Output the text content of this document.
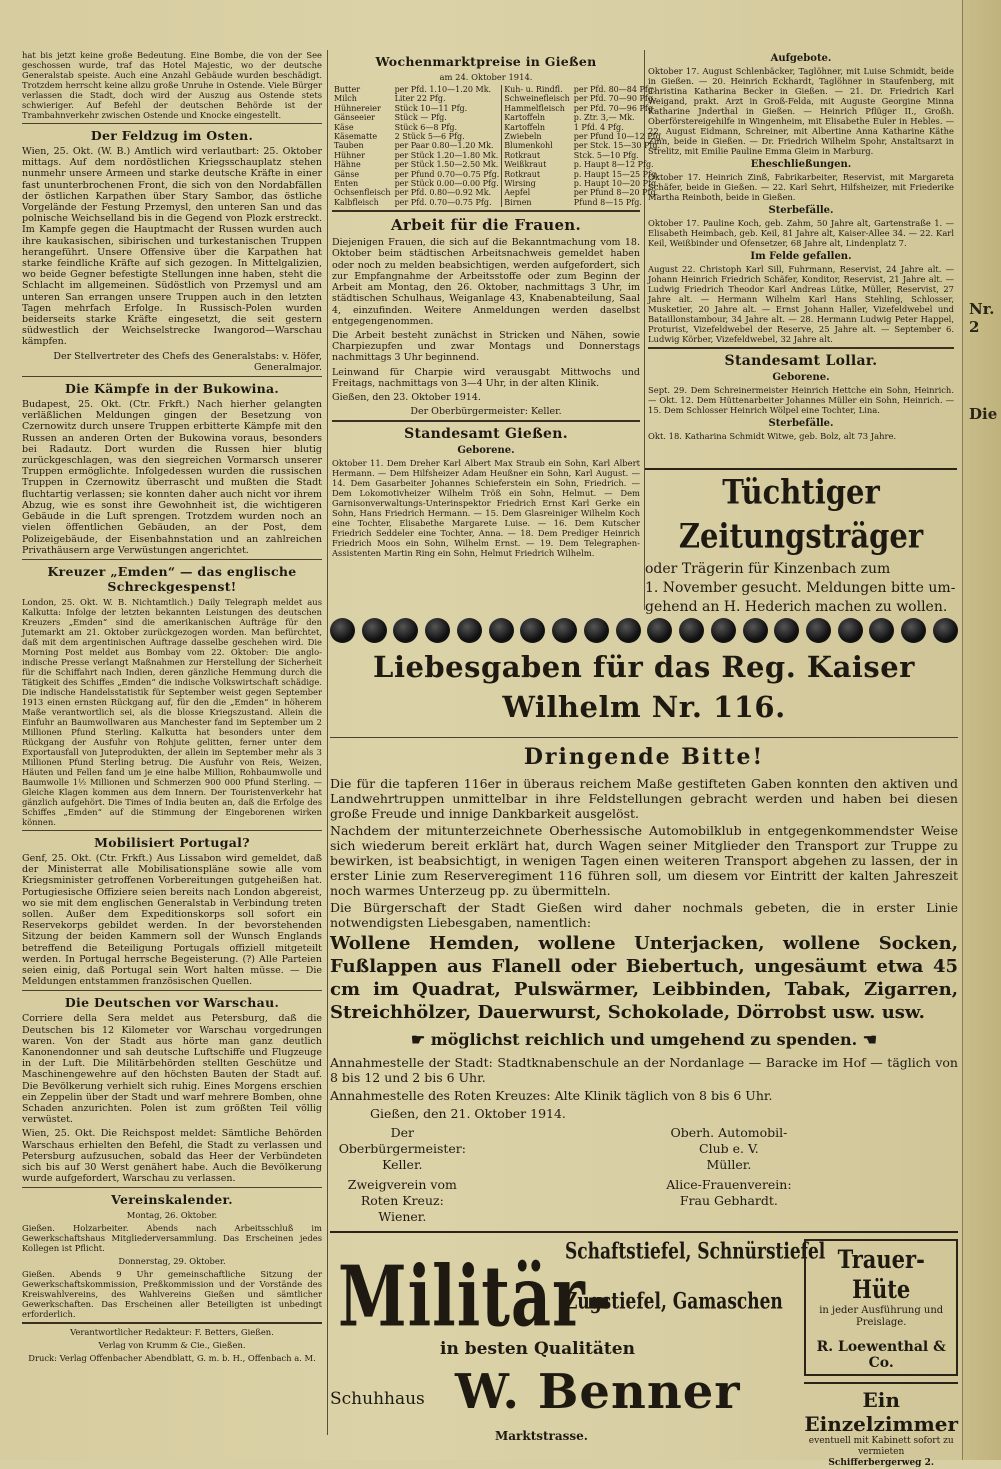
hat bis jetzt keine große Bedeutung. Eine Bombe, die von der See geschossen wurde, traf das Hotel Majestic, wo der deutsche Generalstab speiste. Auch eine Anzahl Gebäude wurden beschädigt. Trotzdem herrscht keine allzu große Unruhe in Ostende. Viele Bürger verlassen die Stadt, doch wird der Auszug aus Ostende stets schwieriger. Auf Befehl der deutschen Behörde ist der Trambahnverkehr zwischen Ostende und Knocke eingestellt.

Der Feldzug im Osten.

Wien, 25. Okt. (W. B.) Amtlich wird verlautbart: 25. Oktober mittags. Auf dem nordöstlichen Kriegsschauplatz stehen nunmehr unsere Armeen und starke deutsche Kräfte in einer fast ununterbrochenen Front, die sich von den Nordabfällen der östlichen Karpathen über Stary Sambor, das östliche Vorgelände der Festung Przemysl, den unteren San und das polnische Weichselland bis in die Gegend von Plozk erstreckt. Im Kampfe gegen die Hauptmacht der Russen wurden auch ihre kaukasischen, sibirischen und turkestanischen Truppen herangeführt. Unsere Offensive über die Karpathen hat starke feindliche Kräfte auf sich gezogen. In Mittelgalizien, wo beide Gegner befestigte Stellungen inne haben, steht die Schlacht im allgemeinen. Südöstlich von Przemysl und am unteren San errangen unsere Truppen auch in den letzten Tagen mehrfach Erfolge. In Russisch-Polen wurden beiderseits starke Kräfte eingesetzt, die seit gestern südwestlich der Weichselstrecke Iwangorod—Warschau kämpfen.

Der Stellvertreter des Chefs des Generalstabs: v. Höfer, Generalmajor.

Die Kämpfe in der Bukowina.

Budapest, 25. Okt. (Ctr. Frkft.) Nach hierher gelangten verläßlichen Meldungen gingen der Besetzung von Czernowitz durch unsere Truppen erbitterte Kämpfe mit den Russen an anderen Orten der Bukowina voraus, besonders bei Radautz. Dort wurden die Russen hier blutig zurückgeschlagen, was den siegreichen Vormarsch unserer Truppen ermöglichte. Infolgedessen wurden die russischen Truppen in Czernowitz überrascht und mußten die Stadt fluchtartig verlassen; sie konnten daher auch nicht vor ihrem Abzug, wie es sonst ihre Gewohnheit ist, die wichtigeren Gebäude in die Luft sprengen. Trotzdem wurden noch an vielen öffentlichen Gebäuden, an der Post, dem Polizeigebäude, der Eisenbahnstation und an zahlreichen Privathäusern arge Verwüstungen angerichtet.

Kreuzer „Emden“ — das englische Schreckgespenst!

London, 25. Okt. W. B. Nichtamtlich.) Daily Telegraph meldet aus Kalkutta: Infolge der letzten bekannten Leistungen des deutschen Kreuzers „Emden“ sind die amerikanischen Aufträge für den Jutemarkt am 21. Oktober zurückgezogen worden. Man befürchtet, daß mit dem argentinischen Auftrage dasselbe geschehen wird. Die Morning Post meldet aus Bombay vom 22. Oktober: Die anglo-indische Presse verlangt Maßnahmen zur Herstellung der Sicherheit für die Schiffahrt nach Indien, deren gänzliche Hemmung durch die Tätigkeit des Schiffes „Emden“ die indische Volkswirtschaft schädige. Die indische Handelsstatistik für September weist gegen September 1913 einen ernsten Rückgang auf, für den die „Emden“ in höherem Maße verantwortlich sei, als die blosse Kriegszustand. Allein die Einfuhr an Baumwollwaren aus Manchester fand im September um 2 Millionen Pfund Sterling. Kalkutta hat besonders unter dem Rückgang der Ausfuhr von Rohjute gelitten, ferner unter dem Exportausfall von Juteprodukten, der allein im September mehr als 3 Millionen Pfund Sterling betrug. Die Ausfuhr von Reis, Weizen, Häuten und Fellen fand um je eine halbe Million, Rohbaumwolle und Baumwolle 1½ Millionen und Schmerzen 900 000 Pfund Sterling. — Gleiche Klagen kommen aus dem Innern. Der Touristenverkehr hat gänzlich aufgehört. Die Times of India beuten an, daß die Erfolge des Schiffes „Emden“ auf die Stimmung der Eingeborenen wirken können.

Mobilisiert Portugal?

Genf, 25. Okt. (Ctr. Frkft.) Aus Lissabon wird gemeldet, daß der Ministerrat alle Mobilisationspläne sowie alle vom Kriegsminister getroffenen Vorbereitungen gutgeheißen hat. Portugiesische Offiziere seien bereits nach London abgereist, wo sie mit dem englischen Generalstab in Verbindung treten sollen. Außer dem Expeditionskorps soll sofort ein Reservekorps gebildet werden. In der bevorstehenden Sitzung der beiden Kammern soll der Wunsch Englands betreffend die Beteiligung Portugals offiziell mitgeteilt werden. In Portugal herrsche Begeisterung. (?) Alle Parteien seien einig, daß Portugal sein Wort halten müsse. — Die Meldungen entstammen französischen Quellen.

Die Deutschen vor Warschau.

Corriere della Sera meldet aus Petersburg, daß die Deutschen bis 12 Kilometer vor Warschau vorgedrungen waren. Von der Stadt aus hörte man ganz deutlich Kanonendonner und sah deutsche Luftschiffe und Flugzeuge in der Luft. Die Militärbehörden stellten Geschütze und Maschinengewehre auf den höchsten Bauten der Stadt auf. Die Bevölkerung verhielt sich ruhig. Eines Morgens erschien ein Zeppelin über der Stadt und warf mehrere Bomben, ohne Schaden anzurichten. Polen ist zum größten Teil völlig verwüstet.

Wien, 25. Okt. Die Reichspost meldet: Sämtliche Behörden Warschaus erhielten den Befehl, die Stadt zu verlassen und Petersburg aufzusuchen, sobald das Heer der Verbündeten sich bis auf 30 Werst genähert habe. Auch die Bevölkerung wurde aufgefordert, Warschau zu verlassen.

Vereinskalender.

Montag, 26. Oktober.

Gießen. Holzarbeiter. Abends nach Arbeitsschluß im Gewerkschaftshaus Mitgliederversammlung. Das Erscheinen jedes Kollegen ist Pflicht.

Donnerstag, 29. Oktober.

Gießen. Abends 9 Uhr gemeinschaftliche Sitzung der Gewerkschaftskommission, Preßkommission und der Vorstände des Kreiswahlvereins, des Wahlvereins Gießen und sämtlicher Gewerkschaften. Das Erscheinen aller Beteiligten ist unbedingt erforderlich.

Verantwortlicher Redakteur: F. Betters, Gießen.

Verlag von Krumm & Cie., Gießen.

Druck: Verlag Offenbacher Abendblatt, G. m. b. H., Offenbach a. M.

Wochenmarktpreise in Gießen

am 24. Oktober 1914.

Butter	per Pfd. 1.10—1.20 Mk.	Kuh- u. Rindfl.	per Pfd. 80—84 Pfg.
Milch	Liter 22 Pfg.	Schweinefleisch	per Pfd. 70—90 Pfg.
Hühnereier	Stück 10—11 Pfg.	Hammelfleisch	per Pfd. 70—96 Pfg.
Gänseeier	Stück — Pfg.	Kartoffeln	p. Ztr. 3,— Mk.
Käse	Stück 6—8 Pfg.	Kartoffeln	1 Pfd. 4 Pfg.
Käsematte	2 Stück 5—6 Pfg.	Zwiebeln	per Pfund 10—12 Pfg.
Tauben	per Paar 0.80—1.20 Mk.	Blumenkohl	per Stck. 15—30 Pfg.
Hühner	per Stück 1.20—1.80 Mk.	Rotkraut	Stck. 5—10 Pfg.
Hähne	per Stück 1.50—2.50 Mk.	Weißkraut	p. Haupt 8—12 Pfg.
Gänse	per Pfund 0.70—0.75 Pfg.	Rotkraut	p. Haupt 15—25 Pfg.
Enten	per Stück 0.00—0.00 Pfg.	Wirsing	p. Haupt 10—20 Pfg.
Ochsenfleisch	per Pfd. 0.80—0.92 Mk.	Aepfel	per Pfund 8—20 Pfg.
Kalbfleisch	per Pfd. 0.70—0.75 Pfg.	Birnen	Pfund 8—15 Pfg.
Arbeit für die Frauen.

Diejenigen Frauen, die sich auf die Bekanntmachung vom 18. Oktober beim städtischen Arbeitsnachweis gemeldet haben oder noch zu melden beabsichtigen, werden aufgefordert, sich zur Empfangnahme der Arbeitsstoffe oder zum Beginn der Arbeit am Montag, den 26. Oktober, nachmittags 3 Uhr, im städtischen Schulhaus, Weiganlage 43, Knabenabteilung, Saal 4, einzufinden. Weitere Anmeldungen werden daselbst entgegengenommen.

Die Arbeit besteht zunächst in Stricken und Nähen, sowie Charpiezupfen und zwar Montags und Donnerstags nachmittags 3 Uhr beginnend.

Leinwand für Charpie wird verausgabt Mittwochs und Freitags, nachmittags von 3—4 Uhr, in der alten Klinik.

Gießen, den 23. Oktober 1914.

Der Oberbürgermeister: Keller.

Standesamt Gießen.
Geborene.

Oktober 11. Dem Dreher Karl Albert Max Straub ein Sohn, Karl Albert Hermann. — Dem Hilfsheizer Adam Heußner ein Sohn, Karl August. — 14. Dem Gasarbeiter Johannes Schieferstein ein Sohn, Friedrich. — Dem Lokomotivheizer Wilhelm Tröß ein Sohn, Helmut. — Dem Garnisonverwaltungs-Unterinspektor Friedrich Ernst Karl Gerke ein Sohn, Hans Friedrich Hermann. — 15. Dem Glasreiniger Wilhelm Koch eine Tochter, Elisabethe Margarete Luise. — 16. Dem Kutscher Friedrich Seddeler eine Tochter, Anna. — 18. Dem Prediger Heinrich Friedrich Moos ein Sohn, Wilhelm Ernst. — 19. Dem Telegraphen-Assistenten Martin Ring ein Sohn, Helmut Friedrich Wilhelm.

Aufgebote.

Oktober 17. August Schlenbäcker, Taglöhner, mit Luise Schmidt, beide in Gießen. — 20. Heinrich Eckhardt, Taglöhner in Staufenberg, mit Christina Katharina Becker in Gießen. — 21. Dr. Friedrich Karl Weigand, prakt. Arzt in Groß-Felda, mit Auguste Georgine Minna Katharine Jnderthal in Gießen. — Heinrich Pflüger II., Großh. Oberförstereigehilfe in Wingenheim, mit Elisabethe Euler in Hebles. — 22. August Eidmann, Schreiner, mit Albertine Anna Katharine Käthe Zinn, beide in Gießen. — Dr. Friedrich Wilhelm Spohr, Anstaltsarzt in Strelitz, mit Emilie Pauline Emma Gleim in Marburg.

Eheschließungen.

Oktober 17. Heinrich Zinß, Fabrikarbeiter, Reservist, mit Margareta Schäfer, beide in Gießen. — 22. Karl Sehrt, Hilfsheizer, mit Friederike Martha Reinboth, beide in Gießen.

Sterbefälle.

Oktober 17. Pauline Koch, geb. Zahm, 50 Jahre alt, Gartenstraße 1. — Elisabeth Heimbach, geb. Keil, 81 Jahre alt, Kaiser-Allee 34. — 22. Karl Keil, Weißbinder und Ofensetzer, 68 Jahre alt, Lindenplatz 7.

Im Felde gefallen.

August 22. Christoph Karl Sill, Fuhrmann, Reservist, 24 Jahre alt. — Johann Heinrich Friedrich Schäfer, Konditor, Reservist, 21 Jahre alt. — Ludwig Friedrich Theodor Karl Andreas Lütke, Müller, Reservist, 27 Jahre alt. — Hermann Wilhelm Karl Hans Stehling, Schlosser, Musketier, 20 Jahre alt. — Ernst Johann Haller, Vizefeldwebel und Bataillonstambour, 34 Jahre alt. — 28. Hermann Ludwig Peter Happel, Proturist, Vizefeldwebel der Reserve, 25 Jahre alt. — September 6. Ludwig Körber, Vizefeldwebel, 32 Jahre alt.

Standesamt Lollar.
Geborene.

Sept. 29. Dem Schreinermeister Heinrich Hettche ein Sohn, Heinrich. — Okt. 12. Dem Hüttenarbeiter Johannes Müller ein Sohn, Heinrich. — 15. Dem Schlosser Heinrich Wölpel eine Tochter, Lina.

Sterbefälle.

Okt. 18. Katharina Schmidt Witwe, geb. Bolz, alt 73 Jahre.

Tüchtiger Zeitungsträger
oder Trägerin für Kinzenbach zum
1. November gesucht. Meldungen bitte um-
gehend an H. Hederich machen zu wollen.
Liebesgaben für das Reg. Kaiser Wilhelm Nr. 116.
Dringende Bitte!

Die für die tapferen 116er in überaus reichem Maße gestifteten Gaben konnten den aktiven und Landwehrtruppen unmittelbar in ihre Feldstellungen gebracht werden und haben bei diesen große Freude und innige Dankbarkeit ausgelöst.

Nachdem der mitunterzeichnete Oberhessische Automobilklub in entgegenkommendster Weise sich wiederum bereit erklärt hat, durch Wagen seiner Mitglieder den Transport zur Truppe zu bewirken, ist beabsichtigt, in wenigen Tagen einen weiteren Transport abgehen zu lassen, der in erster Linie zum Reserveregiment 116 führen soll, um diesem vor Eintritt der kalten Jahreszeit noch warmes Unterzeug pp. zu übermitteln.

Die Bürgerschaft der Stadt Gießen wird daher nochmals gebeten, die in erster Linie notwendigsten Liebesgaben, namentlich:

Wollene Hemden, wollene Unterjacken, wollene Socken, Fußlappen aus Flanell oder Biebertuch, ungesäumt etwa 45 cm im Quadrat, Pulswärmer, Leibbinden, Tabak, Zigarren, Streichhölzer, Dauerwurst, Schokolade, Dörrobst usw. usw.

☛ möglichst reichlich und umgehend zu spenden. ☚

Annahmestelle der Stadt: Stadtknabenschule an der Nordanlage — Baracke im Hof — täglich von 8 bis 12 und 2 bis 6 Uhr.

Annahmestelle des Roten Kreuzes: Alte Klinik täglich von 8 bis 6 Uhr.

Gießen, den 21. Oktober 1914.

Der Oberbürgermeister:
Keller.
Oberh. Automobil-Club e. V.
Müller.
Zweigverein vom Roten Kreuz:
Wiener.
Alice-Frauenverein:
Frau Gebhardt.
Militär-
Schaftstiefel, Schnürstiefel
Zugstiefel, Gamaschen
in besten Qualitäten
Schuhhaus W. Benner
Marktstrasse.
Trauer-Hüte
in jeder Ausführung und Preislage.
R. Loewenthal & Co.
Ein Einzelzimmer
eventuell mit Kabinett sofort zu vermieten
Schifferbergerweg 2.
Nr. 2
Die
